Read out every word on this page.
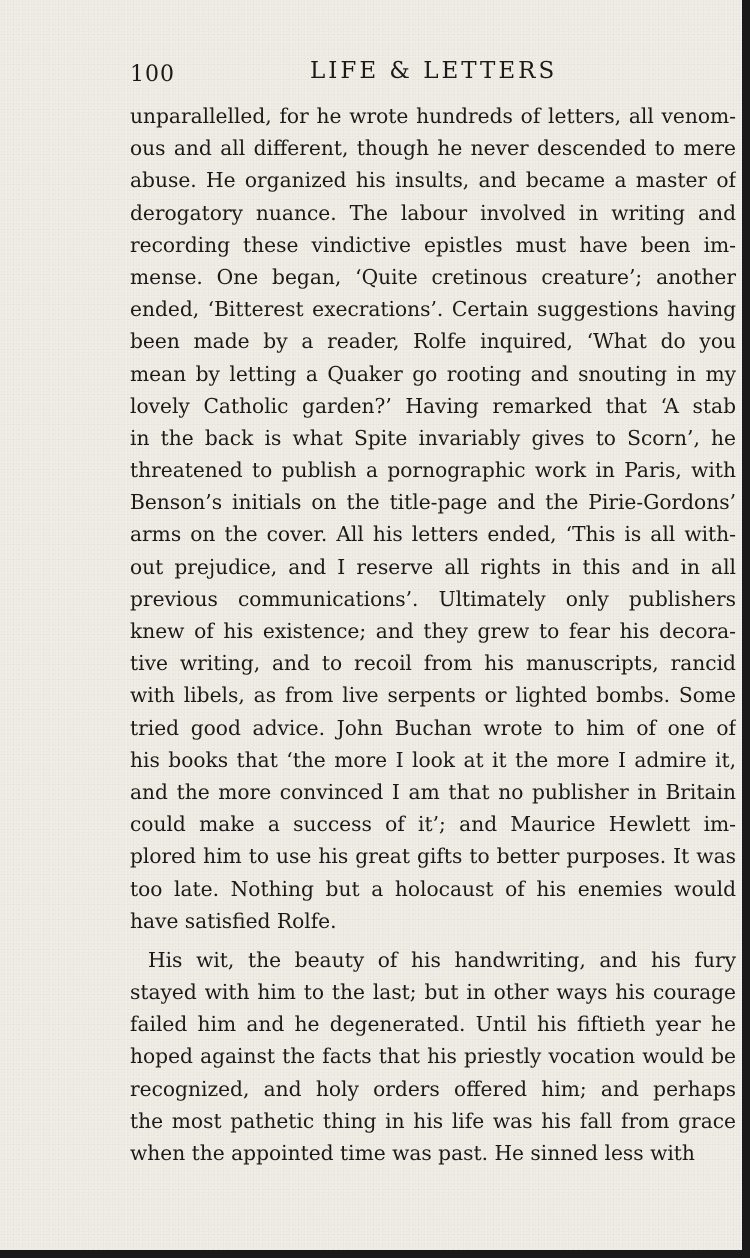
100	LIFE & LETTERS
unparallelled, for he wrote hundreds of letters, all venom-
ous and all different, though he never descended to mere
abuse. He organized his insults, and became a master of
derogatory nuance. The labour involved in writing and
recording these vindictive epistles must have been im-
mense. One began, ‘Quite cretinous creature’; another
ended, ‘Bitterest execrations’. Certain suggestions having
been made by a reader, Rolfe inquired, ‘What do you
mean by letting a Quaker go rooting and snouting in my
lovely Catholic garden?’ Having remarked that ‘A stab
in the back is what Spite invariably gives to Scorn’, he
threatened to publish a pornographic work in Paris, with
Benson’s initials on the title-page and the Pirie-Gordons’
arms on the cover. All his letters ended, ‘This is all with-
out prejudice, and I reserve all rights in this and in all
previous communications’. Ultimately only publishers
knew of his existence; and they grew to fear his decora-
tive writing, and to recoil from his manuscripts, rancid
with libels, as from live serpents or lighted bombs. Some
tried good advice. John Buchan wrote to him of one of
his books that ‘the more I look at it the more I admire it,
and the more convinced I am that no publisher in Britain
could make a success of it’; and Maurice Hewlett im-
plored him to use his great gifts to better purposes. It was
too late. Nothing but a holocaust of his enemies would
have satisfied Rolfe.
His wit, the beauty of his handwriting, and his fury
stayed with him to the last; but in other ways his courage
failed him and he degenerated. Until his fiftieth year he
hoped against the facts that his priestly vocation would be
recognized, and holy orders offered him; and perhaps
the most pathetic thing in his life was his fall from grace
when the appointed time was past. He sinned less with
